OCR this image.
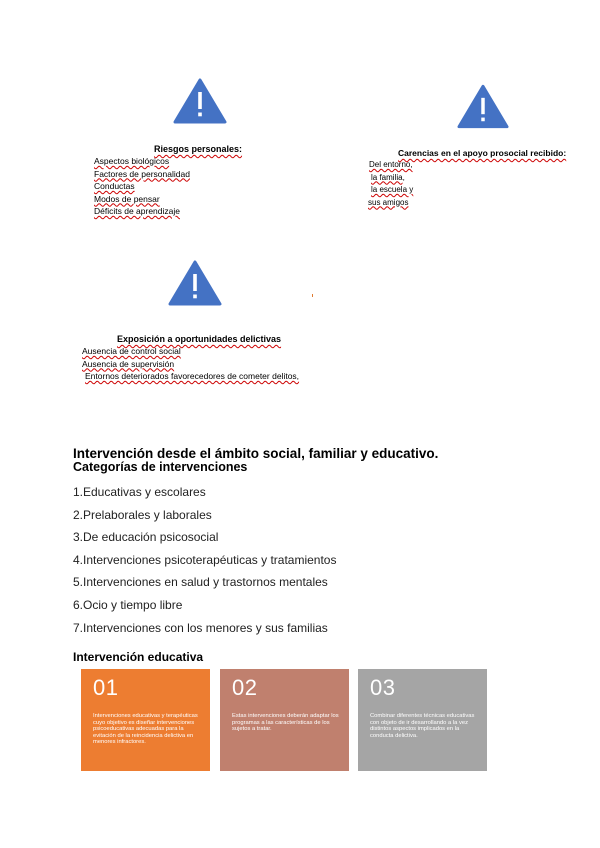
Riesgos personales:
Aspectos biológicos
Factores de personalidad
Conductas
Modos de pensar
Déficits de aprendizaje
Carencias en el apoyo prosocial recibido:
Del entorno,
la familia,
la escuela y
sus amigos
Exposición a oportunidades delictivas
Ausencia de control social
Ausencia de supervisión
Entornos deteriorados favorecedores de cometer delitos,
Intervención desde el ámbito social, familiar y educativo.
Categorías de intervenciones
1.Educativas y escolares
2.Prelaborales y laborales
3.De educación psicosocial
4.Intervenciones psicoterapéuticas y tratamientos
5.Intervenciones en salud y trastornos mentales
6.Ocio y tiempo libre
7.Intervenciones con los menores y sus familias
Intervención educativa
01
Intervenciones educativas y terapéuticas cuyo objetivo es diseñar intervenciones psicoeducativas adecuadas para la evitación de la reincidencia delictiva en menores infractores.
02
Estas intervenciones deberán adaptar los programas a las características de los sujetos a tratar.
03
Combinar diferentes técnicas educativas con objeto de ir desarrollando a la vez distintos aspectos implicados en la conducta delictiva.
